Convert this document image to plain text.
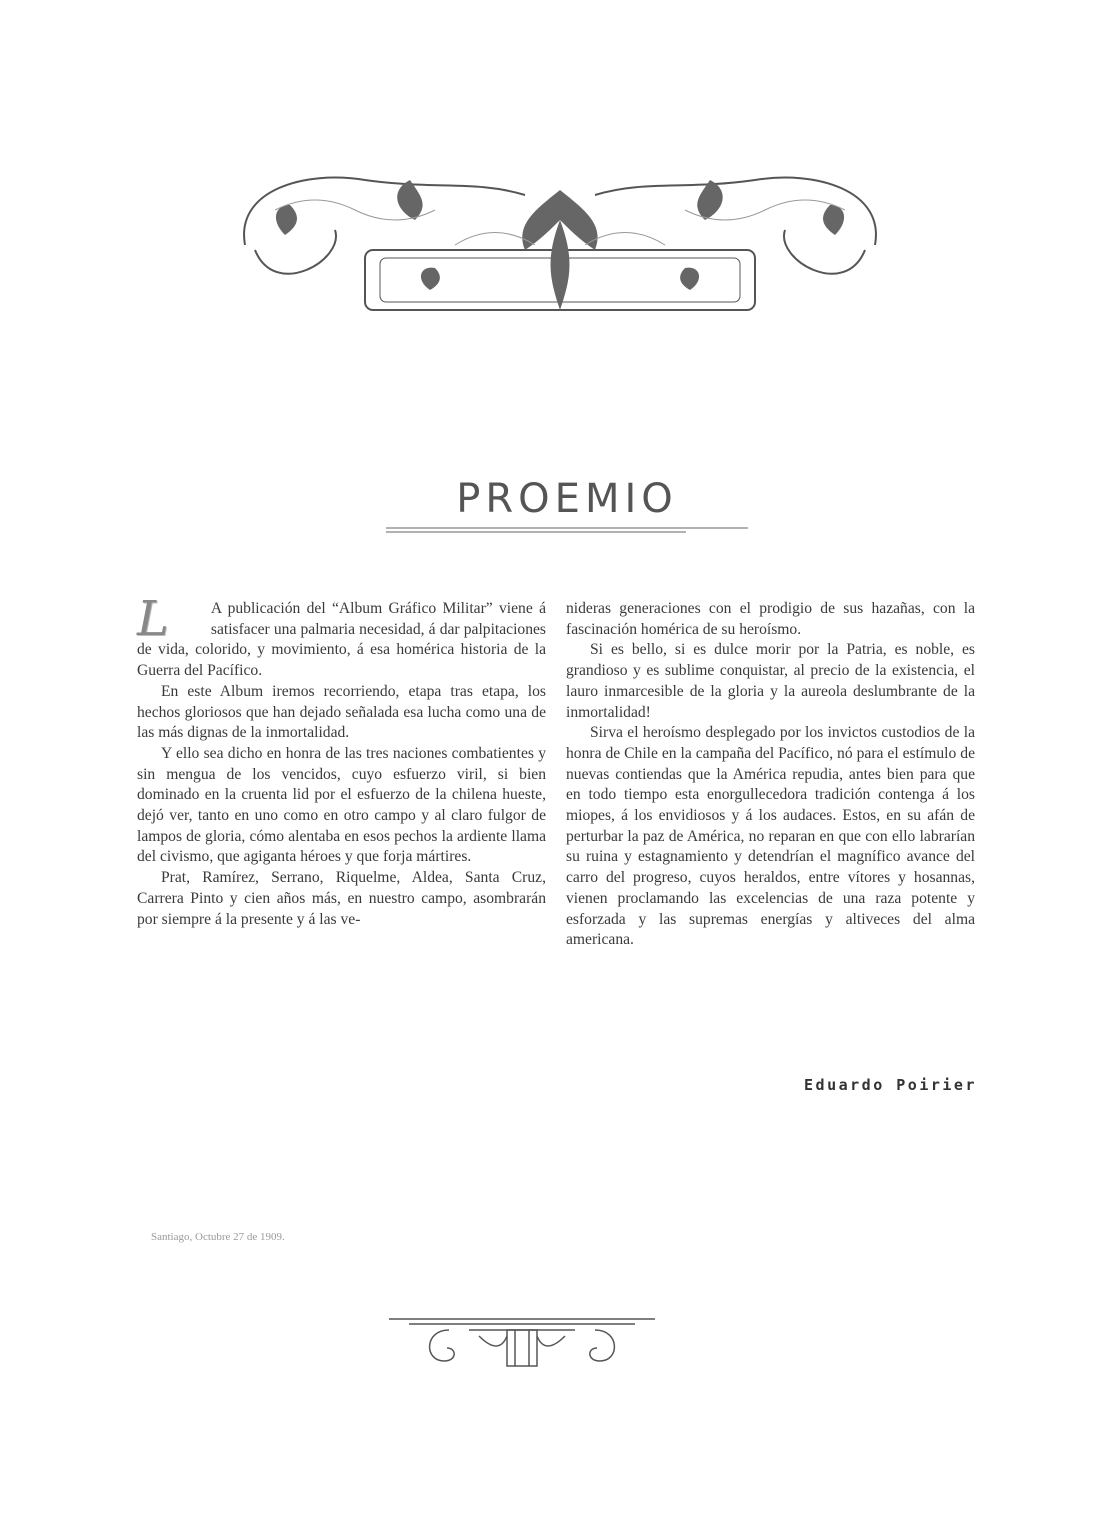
PROEMIO

L	A publicación del “Album Gráfico Militar” viene á satisfacer una palmaria necesidad, á dar palpitaciones de vida, colorido, y movimiento, á esa homérica historia de la Guerra del Pacífico.

En este Album iremos recorriendo, etapa tras etapa, los hechos gloriosos que han dejado señalada esa lucha como una de las más dignas de la inmortalidad.

Y ello sea dicho en honra de las tres naciones combatientes y sin mengua de los vencidos, cuyo esfuerzo viril, si bien dominado en la cruenta lid por el esfuerzo de la chilena hueste, dejó ver, tanto en uno como en otro campo y al claro fulgor de lampos de gloria, cómo alentaba en esos pechos la ardiente llama del civismo, que agiganta héroes y que forja mártires.

Prat, Ramírez, Serrano, Riquelme, Aldea, Santa Cruz, Carrera Pinto y cien años más, en nuestro campo, asombrarán por siempre á la presente y á las ve-

nideras generaciones con el prodigio de sus hazañas, con la fascinación homérica de su heroísmo.

Si es bello, si es dulce morir por la Patria, es noble, es grandioso y es sublime conquistar, al precio de la existencia, el lauro inmarcesible de la gloria y la aureola deslumbrante de la inmortalidad!

Sirva el heroísmo desplegado por los invictos custodios de la honra de Chile en la campaña del Pacífico, nó para el estímulo de nuevas contiendas que la América repudia, antes bien para que en todo tiempo esta enorgullecedora tradición contenga á los miopes, á los envidiosos y á los audaces. Estos, en su afán de perturbar la paz de América, no reparan en que con ello labrarían su ruina y estagnamiento y detendrían el magnífico avance del carro del progreso, cuyos heraldos, entre vítores y hosannas, vienen proclamando las excelencias de una raza potente y esforzada y las supremas energías y altiveces del alma americana.

Eduardo Poirier
Santiago, Octubre 27 de 1909.
